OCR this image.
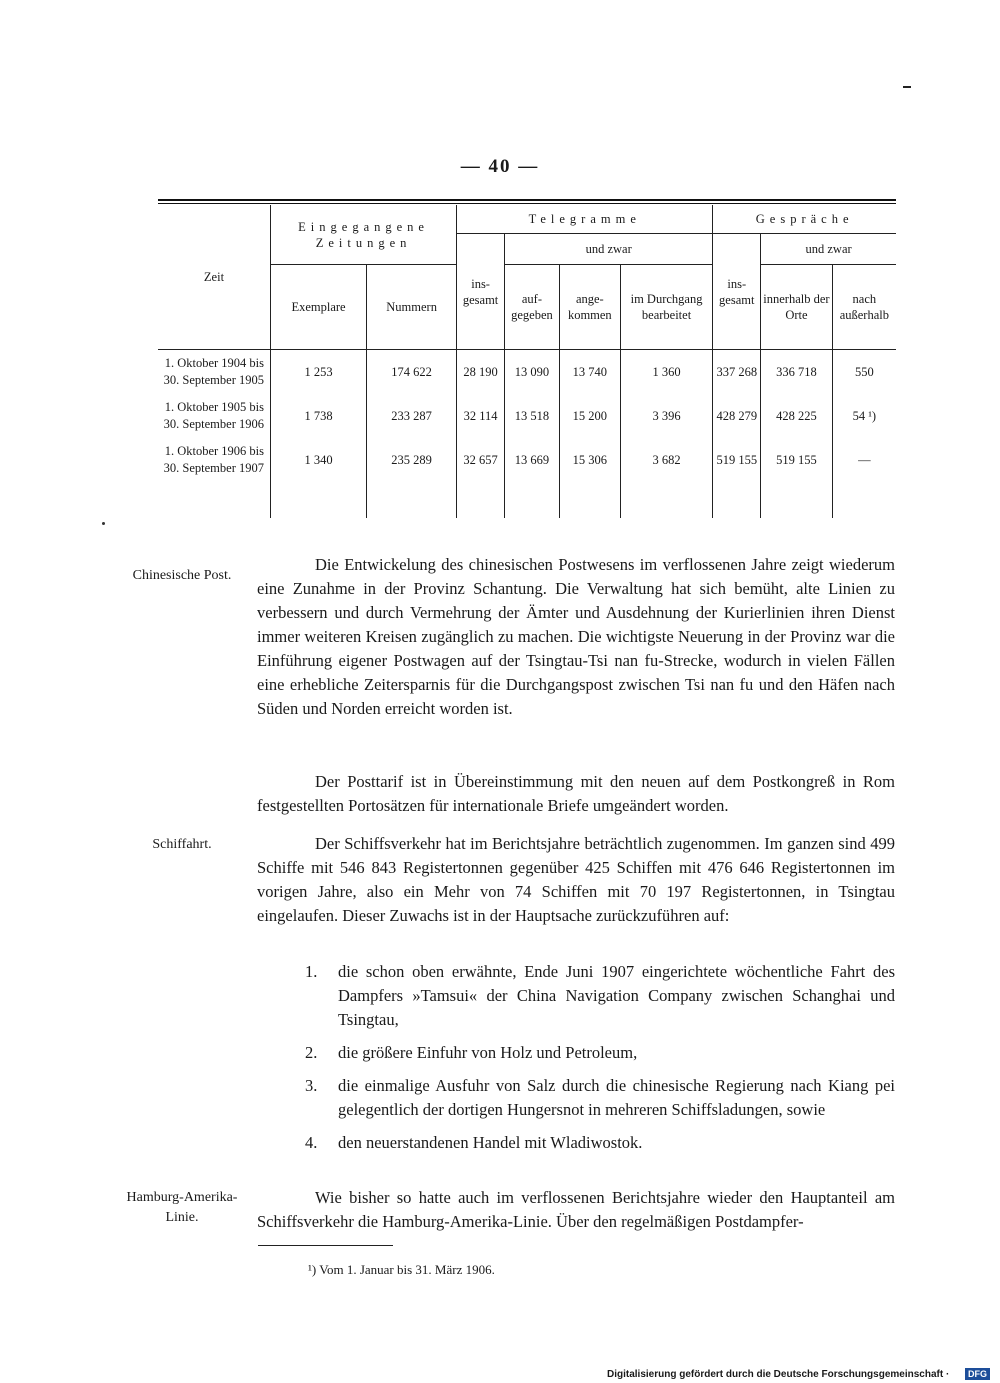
— 40 —
Zeit	Eingegangene Zeitungen		Telegramme				Gespräche		
			ins- gesamt	und zwar			ins- gesamt	und zwar	
	Exemplare	Nummern		auf- gegeben	ange- kommen	im Durchgang bearbeitet		innerhalb der Orte	nach außerhalb
1. Oktober 1904 bis
30. September 1905	1 253	174 622	28 190	13 090	13 740	1 360	337 268	336 718	550
1. Oktober 1905 bis
30. September 1906	1 738	233 287	32 114	13 518	15 200	3 396	428 279	428 225	54 ¹)
1. Oktober 1906 bis
30. September 1907	1 340	235 289	32 657	13 669	15 306	3 682	519 155	519 155	—

Chinesische Post.

Die Entwickelung des chinesischen Postwesens im verflossenen Jahre zeigt wiederum eine Zunahme in der Provinz Schantung. Die Verwaltung hat sich bemüht, alte Linien zu verbessern und durch Vermehrung der Ämter und Ausdehnung der Kurierlinien ihren Dienst immer weiteren Kreisen zugänglich zu machen. Die wichtigste Neuerung in der Provinz war die Einführung eigener Postwagen auf der Tsingtau-Tsi nan fu-Strecke, wodurch in vielen Fällen eine erhebliche Zeitersparnis für die Durchgangspost zwischen Tsi nan fu und den Häfen nach Süden und Norden erreicht worden ist.

Der Posttarif ist in Übereinstimmung mit den neuen auf dem Postkongreß in Rom festgestellten Portosätzen für internationale Briefe umgeändert worden.

Schiffahrt.	Der Schiffsverkehr hat im Berichtsjahre beträchtlich zugenommen. Im ganzen sind 499 Schiffe mit 546 843 Registertonnen gegenüber 425 Schiffen mit 476 646 Registertonnen im vorigen Jahre, also ein Mehr von 74 Schiffen mit 70 197 Registertonnen, in Tsingtau eingelaufen. Dieser Zuwachs ist in der Hauptsache zurückzuführen auf:

1. die schon oben erwähnte, Ende Juni 1907 eingerichtete wöchentliche Fahrt des Dampfers »Tamsui« der China Navigation Company zwischen Schanghai und Tsingtau,
2. die größere Einfuhr von Holz und Petroleum,
3. die einmalige Ausfuhr von Salz durch die chinesische Regierung nach Kiang pei gelegentlich der dortigen Hungersnot in mehreren Schiffsladungen, sowie
4. den neuerstandenen Handel mit Wladiwostok.
Hamburg-Amerika-Linie.

Wie bisher so hatte auch im verflossenen Berichtsjahre wieder den Hauptanteil am Schiffsverkehr die Hamburg-Amerika-Linie. Über den regelmäßigen Postdampfer-

¹) Vom 1. Januar bis 31. März 1906.
Digitalisierung gefördert durch die Deutsche Forschungsgemeinschaft ·	DFG
